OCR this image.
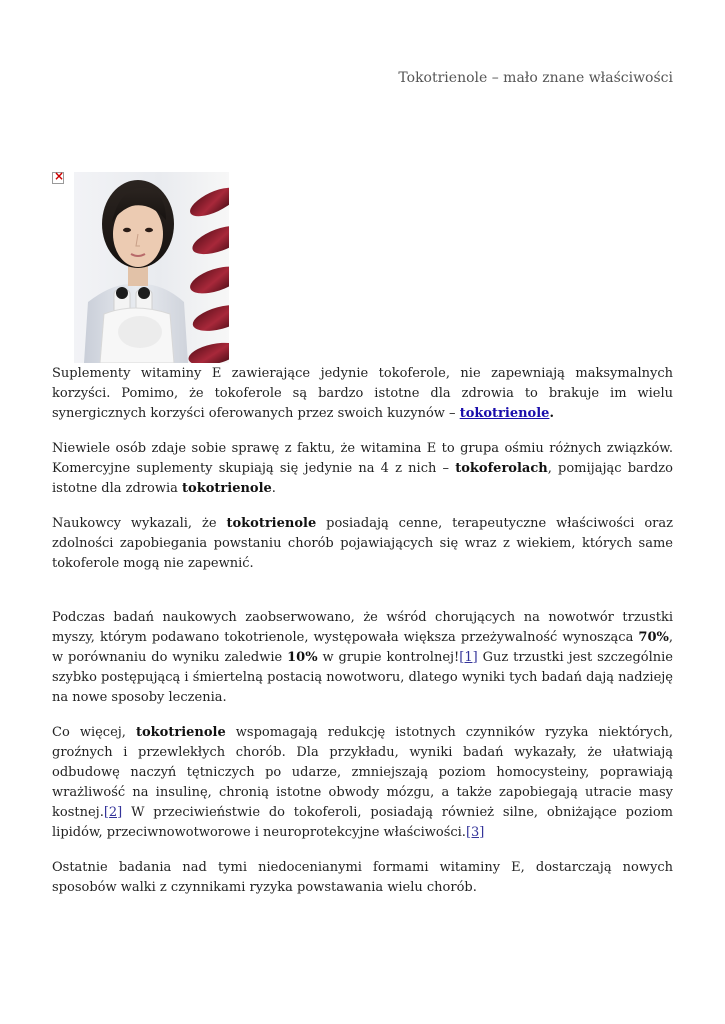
Tokotrienole – mało znane właściwości
×

Suplementy witaminy E zawierające jedynie tokoferole, nie zapewniają maksymalnych korzyści. Pomimo, że tokoferole są bardzo istotne dla zdrowia to brakuje im wielu synergicznych korzyści oferowanych przez swoich kuzynów – tokotrienole.

Niewiele osób zdaje sobie sprawę z faktu, że witamina E to grupa ośmiu różnych związków. Komercyjne suplementy skupiają się jedynie na 4 z nich – tokoferolach, pomijając bardzo istotne dla zdrowia tokotrienole.

Naukowcy wykazali, że tokotrienole posiadają cenne, terapeutyczne właściwości oraz zdolności zapobiegania powstaniu chorób pojawiających się wraz z wiekiem, których same tokoferole mogą nie zapewnić.

Podczas badań naukowych zaobserwowano, że wśród chorujących na nowotwór trzustki myszy, którym podawano tokotrienole, występowała większa przeżywalność wynosząca 70%, w porównaniu do wyniku zaledwie 10% w grupie kontrolnej![1] Guz trzustki jest szczególnie szybko postępującą i śmiertelną postacią nowotworu, dlatego wyniki tych badań dają nadzieję na nowe sposoby leczenia.

Co więcej, tokotrienole wspomagają redukcję istotnych czynników ryzyka niektórych, groźnych i przewlekłych chorób. Dla przykładu, wyniki badań wykazały, że ułatwiają odbudowę naczyń tętniczych po udarze, zmniejszają poziom homocysteiny, poprawiają wrażliwość na insulinę, chronią istotne obwody mózgu, a także zapobiegają utracie masy kostnej.[2] W przeciwieństwie do tokoferoli, posiadają również silne, obniżające poziom lipidów, przeciwnowotworowe i neuroprotekcyjne właściwości.[3]

Ostatnie badania nad tymi niedocenianymi formami witaminy E, dostarczają nowych sposobów walki z czynnikami ryzyka powstawania wielu chorób.
